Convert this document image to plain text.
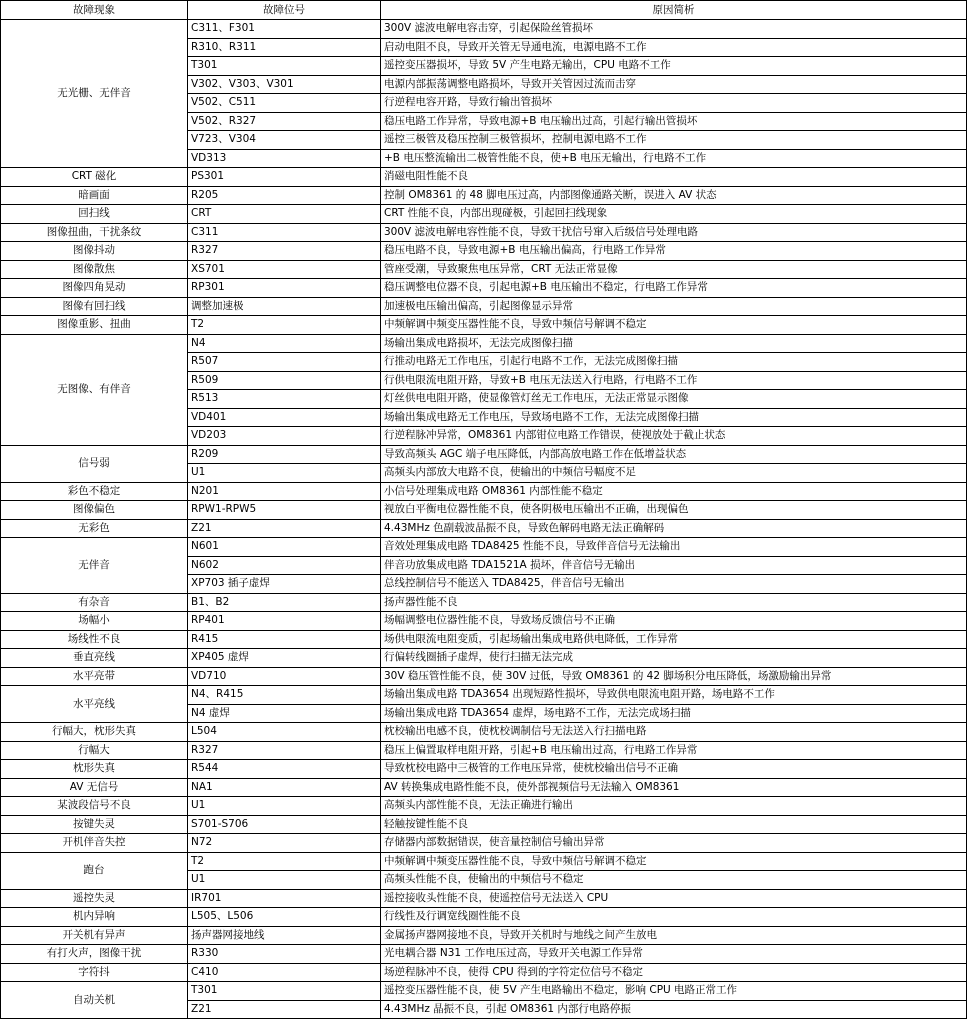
故障现象	故障位号	原因简析
无光栅、无伴音	C311、F301	300V 滤波电解电容击穿，引起保险丝管损坏
	R310、R311	启动电阻不良，导致开关管无导通电流，电源电路不工作
	T301	遥控变压器损坏，导致 5V 产生电路无输出，CPU 电路不工作
	V302、V303、V301	电源内部振荡调整电路损坏，导致开关管因过流而击穿
	V502、C511	行逆程电容开路，导致行输出管损坏
	V502、R327	稳压电路工作异常，导致电源+B 电压输出过高，引起行输出管损坏
	V723、V304	遥控三极管及稳压控制三极管损坏，控制电源电路不工作
	VD313	+B 电压整流输出二极管性能不良，使+B 电压无输出，行电路不工作
CRT 磁化	PS301	消磁电阻性能不良
暗画面	R205	控制 OM8361 的 48 脚电压过高，内部图像通路关断，误进入 AV 状态
回扫线	CRT	CRT 性能不良，内部出现碰极，引起回扫线现象
图像扭曲，干扰条纹	C311	300V 滤波电解电容性能不良，导致干扰信号窜入后级信号处理电路
图像抖动	R327	稳压电路不良，导致电源+B 电压输出偏高，行电路工作异常
图像散焦	XS701	管座受潮，导致聚焦电压异常，CRT 无法正常显像
图像四角晃动	RP301	稳压调整电位器不良，引起电源+B 电压输出不稳定，行电路工作异常
图像有回扫线	调整加速极	加速极电压输出偏高，引起图像显示异常
图像重影、扭曲	T2	中频解调中频变压器性能不良，导致中频信号解调不稳定
无图像、有伴音	N4	场输出集成电路损坏，无法完成图像扫描
	R507	行推动电路无工作电压，引起行电路不工作，无法完成图像扫描
	R509	行供电限流电阻开路，导致+B 电压无法送入行电路，行电路不工作
	R513	灯丝供电电阻开路，使显像管灯丝无工作电压，无法正常显示图像
	VD401	场输出集成电路无工作电压，导致场电路不工作，无法完成图像扫描
	VD203	行逆程脉冲异常，OM8361 内部钳位电路工作错误，使视放处于截止状态
信号弱	R209	导致高频头 AGC 端子电压降低，内部高放电路工作在低增益状态
	U1	高频头内部放大电路不良，使输出的中频信号幅度不足
彩色不稳定	N201	小信号处理集成电路 OM8361 内部性能不稳定
图像偏色	RPW1-RPW5	视放白平衡电位器性能不良，使各阴极电压输出不正确，出现偏色
无彩色	Z21	4.43MHz 色副载波晶振不良，导致色解码电路无法正确解码
无伴音	N601	音效处理集成电路 TDA8425 性能不良，导致伴音信号无法输出
	N602	伴音功放集成电路 TDA1521A 损坏，伴音信号无输出
	XP703 插子虚焊	总线控制信号不能送入 TDA8425，伴音信号无输出
有杂音	B1、B2	扬声器性能不良
场幅小	RP401	场幅调整电位器性能不良，导致场反馈信号不正确
场线性不良	R415	场供电限流电阻变质，引起场输出集成电路供电降低，工作异常
垂直亮线	XP405 虚焊	行偏转线圈插子虚焊，使行扫描无法完成
水平亮带	VD710	30V 稳压管性能不良，使 30V 过低，导致 OM8361 的 42 脚场积分电压降低，场激励输出异常
水平亮线	N4、R415	场输出集成电路 TDA3654 出现短路性损坏，导致供电限流电阻开路，场电路不工作
	N4 虚焊	场输出集成电路 TDA3654 虚焊，场电路不工作，无法完成场扫描
行幅大，枕形失真	L504	枕校输出电感不良，使枕校调制信号无法送入行扫描电路
行幅大	R327	稳压上偏置取样电阻开路，引起+B 电压输出过高，行电路工作异常
枕形失真	R544	导致枕校电路中三极管的工作电压异常，使枕校输出信号不正确
AV 无信号	NA1	AV 转换集成电路性能不良，使外部视频信号无法输入 OM8361
某波段信号不良	U1	高频头内部性能不良，无法正确进行输出
按键失灵	S701-S706	轻触按键性能不良
开机伴音失控	N72	存储器内部数据错误，使音量控制信号输出异常
跑台	T2	中频解调中频变压器性能不良，导致中频信号解调不稳定
	U1	高频头性能不良，使输出的中频信号不稳定
遥控失灵	IR701	遥控接收头性能不良，使遥控信号无法送入 CPU
机内异响	L505、L506	行线性及行调宽线圈性能不良
开关机有异声	扬声器网接地线	金属扬声器网接地不良，导致开关机时与地线之间产生放电
有打火声，图像干扰	R330	光电耦合器 N31 工作电压过高，导致开关电源工作异常
字符抖	C410	场逆程脉冲不良，使得 CPU 得到的字符定位信号不稳定
自动关机	T301	遥控变压器性能不良，使 5V 产生电路输出不稳定，影响 CPU 电路正常工作
	Z21	4.43MHz 晶振不良，引起 OM8361 内部行电路停振
